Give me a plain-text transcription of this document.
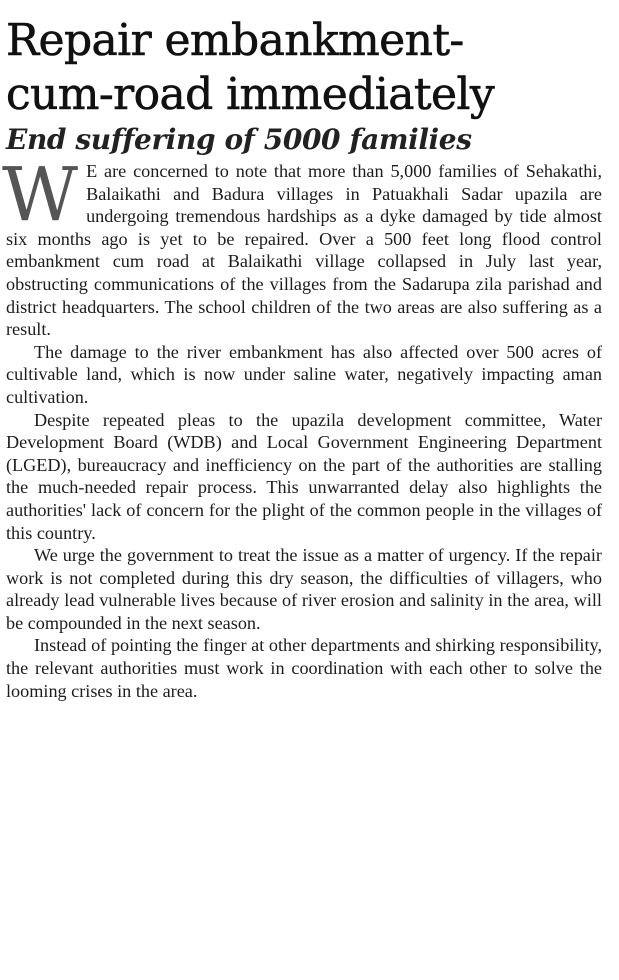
Repair embankment-
cum-road immediately
End suffering of 5000 families

W E are concerned to note that more than 5,000 families of Sehakathi, Balaikathi and Badura villages in Patuakhali Sadar upazila are undergoing tremendous hardships as a dyke damaged by tide almost six months ago is yet to be repaired. Over a 500 feet long flood control embankment cum road at Balaikathi village collapsed in July last year, obstructing communications of the villages from the Sadarupa zila parishad and district headquarters. The school children of the two areas are also suffering as a result.

The damage to the river embankment has also affected over 500 acres of cultivable land, which is now under saline water, negatively impacting aman cultivation.

Despite repeated pleas to the upazila development committee, Water Development Board (WDB) and Local Government Engineering Department (LGED), bureaucracy and inefficiency on the part of the authorities are stalling the much-needed repair process. This unwarranted delay also highlights the authorities' lack of concern for the plight of the common people in the villages of this country.

We urge the government to treat the issue as a matter of urgency. If the repair work is not completed during this dry season, the difficulties of villagers, who already lead vulnerable lives because of river erosion and salinity in the area, will be compounded in the next season.

Instead of pointing the finger at other departments and shirking responsibility, the relevant authorities must work in coordination with each other to solve the looming crises in the area.
